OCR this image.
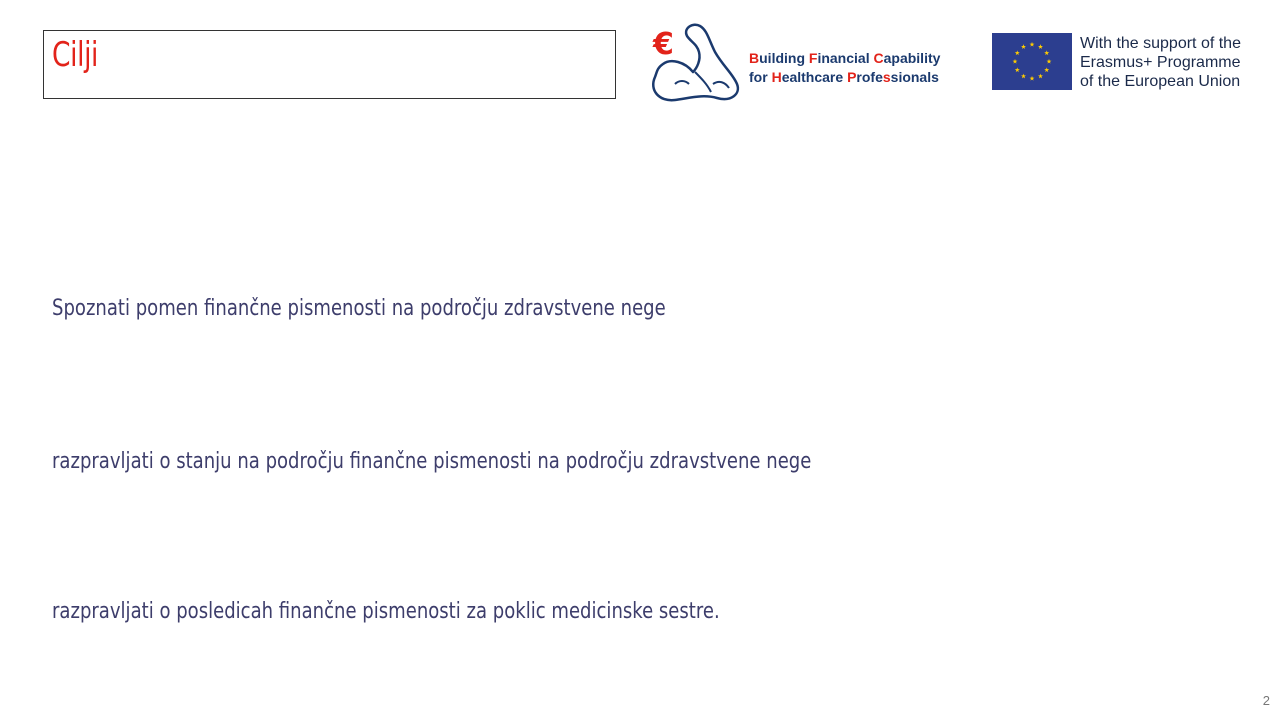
Cilji	€	Building Financial Capability
for Healthcare Professionals
With the support of the
Erasmus+ Programme
of the European Union
Spoznati pomen finančne pismenosti na področju zdravstvene nege
razpravljati o stanju na področju finančne pismenosti na področju zdravstvene nege
razpravljati o posledicah finančne pismenosti za poklic medicinske sestre.
2
